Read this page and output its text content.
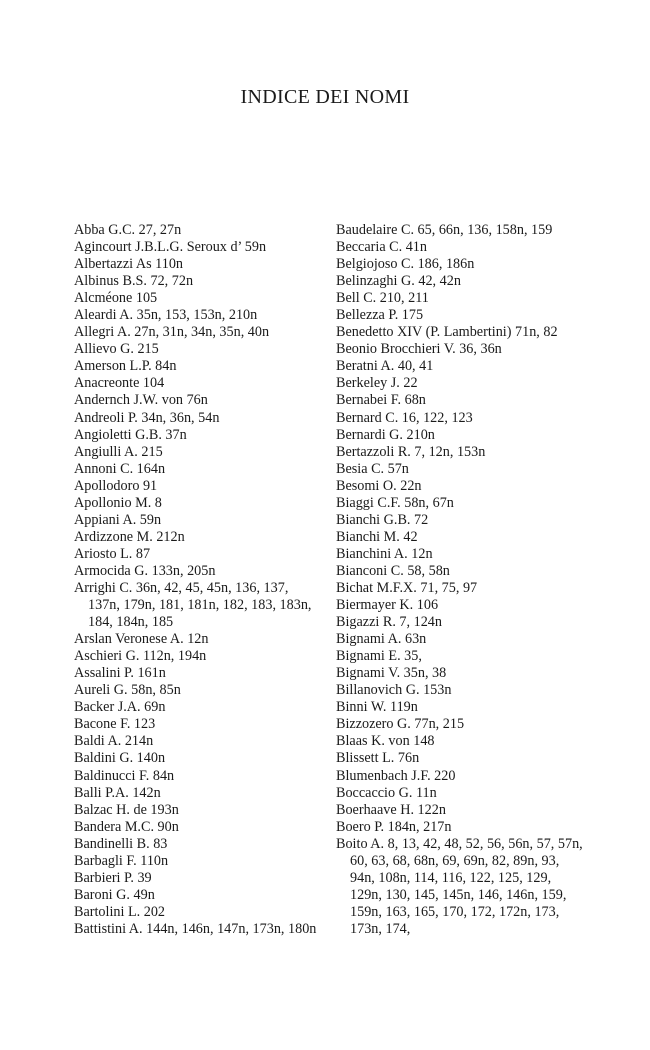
INDICE DEI NOMI
Abba G.C. 27, 27n
Agincourt J.B.L.G. Seroux d’ 59n
Albertazzi As 110n
Albinus B.S. 72, 72n
Alcméone 105
Aleardi A. 35n, 153, 153n, 210n
Allegri A. 27n, 31n, 34n, 35n, 40n
Allievo G. 215
Amerson L.P. 84n
Anacreonte 104
Andernch J.W. von 76n
Andreoli P. 34n, 36n, 54n
Angioletti G.B. 37n
Angiulli A. 215
Annoni C. 164n
Apollodoro 91
Apollonio M. 8
Appiani A. 59n
Ardizzone M. 212n
Ariosto L. 87
Armocida G. 133n, 205n
Arrighi C. 36n, 42, 45, 45n, 136, 137, 137n, 179n, 181, 181n, 182, 183, 183n, 184, 184n, 185
Arslan Veronese A. 12n
Aschieri G. 112n, 194n
Assalini P. 161n
Aureli G. 58n, 85n
Backer J.A. 69n
Bacone F. 123
Baldi A. 214n
Baldini G. 140n
Baldinucci F. 84n
Balli P.A. 142n
Balzac H. de 193n
Bandera M.C. 90n
Bandinelli B. 83
Barbagli F. 110n
Barbieri P. 39
Baroni G. 49n
Bartolini L. 202
Battistini A. 144n, 146n, 147n, 173n, 180n
Baudelaire C. 65, 66n, 136, 158n, 159
Beccaria C. 41n
Belgiojoso C. 186, 186n
Belinzaghi G. 42, 42n
Bell C. 210, 211
Bellezza P. 175
Benedetto XIV (P. Lambertini) 71n, 82
Beonio Brocchieri V. 36, 36n
Beratni A. 40, 41
Berkeley J. 22
Bernabei F. 68n
Bernard C. 16, 122, 123
Bernardi G. 210n
Bertazzoli R. 7, 12n, 153n
Besia C. 57n
Besomi O. 22n
Biaggi C.F. 58n, 67n
Bianchi G.B. 72
Bianchi M. 42
Bianchini A. 12n
Bianconi C. 58, 58n
Bichat M.F.X. 71, 75, 97
Biermayer K. 106
Bigazzi R. 7, 124n
Bignami A. 63n
Bignami E. 35,
Bignami V. 35n, 38
Billanovich G. 153n
Binni W. 119n
Bizzozero G. 77n, 215
Blaas K. von 148
Blissett L. 76n
Blumenbach J.F. 220
Boccaccio G. 11n
Boerhaave H. 122n
Boero P. 184n, 217n
Boito A. 8, 13, 42, 48, 52, 56, 56n, 57, 57n, 60, 63, 68, 68n, 69, 69n, 82, 89n, 93, 94n, 108n, 114, 116, 122, 125, 129, 129n, 130, 145, 145n, 146, 146n, 159, 159n, 163, 165, 170, 172, 172n, 173, 173n, 174,
